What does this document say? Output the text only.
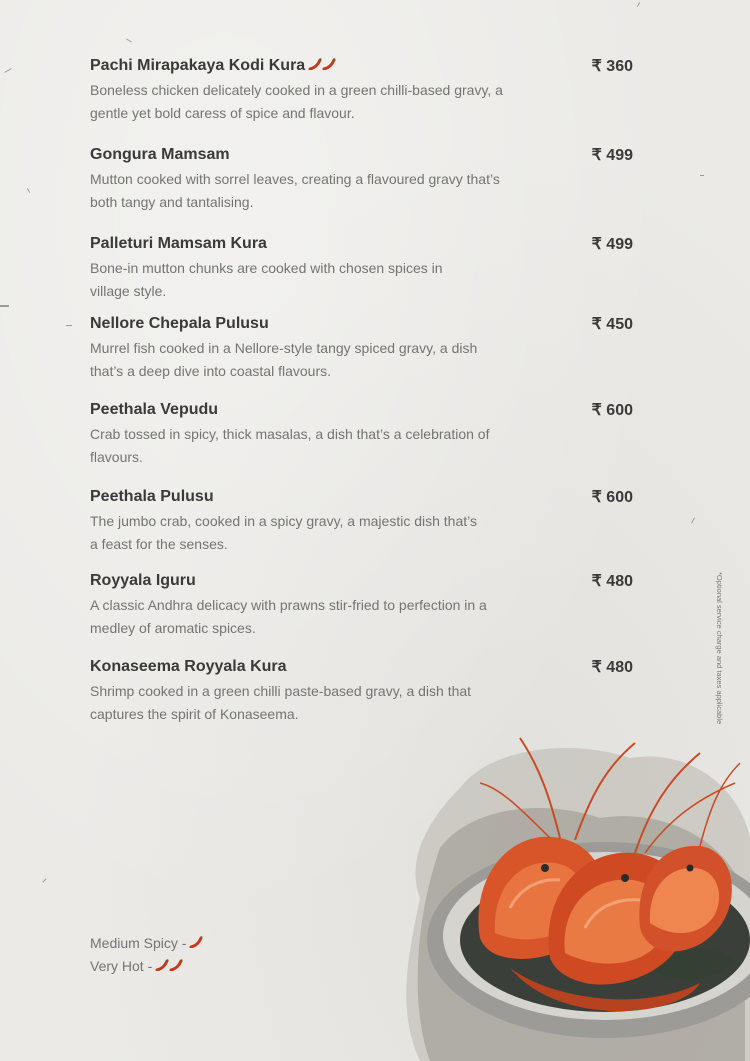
Pachi Mirapakaya Kodi Kura
Boneless chicken delicately cooked in a green chilli-based gravy, a gentle yet bold caress of spice and flavour.
₹ 360
Gongura Mamsam
Mutton cooked with sorrel leaves, creating a flavoured gravy that’s both tangy and tantalising.
₹ 499
Palleturi Mamsam Kura
Bone-in mutton chunks are cooked with chosen spices in village style.
₹ 499
Nellore Chepala Pulusu
Murrel fish cooked in a Nellore-style tangy spiced gravy, a dish that’s a deep dive into coastal flavours.
₹ 450
Peethala Vepudu
Crab tossed in spicy, thick masalas, a dish that’s a celebration of flavours.
₹ 600
Peethala Pulusu
The jumbo crab, cooked in a spicy gravy, a majestic dish that’s a feast for the senses.
₹ 600
Royyala Iguru
A classic Andhra delicacy with prawns stir-fried to perfection in a medley of aromatic spices.
₹ 480
Konaseema Royyala Kura
Shrimp cooked in a green chilli paste-based gravy, a dish that captures the spirit of Konaseema.
₹ 480
Medium Spicy -
Very Hot -
*Optional service charge and taxes applicable
